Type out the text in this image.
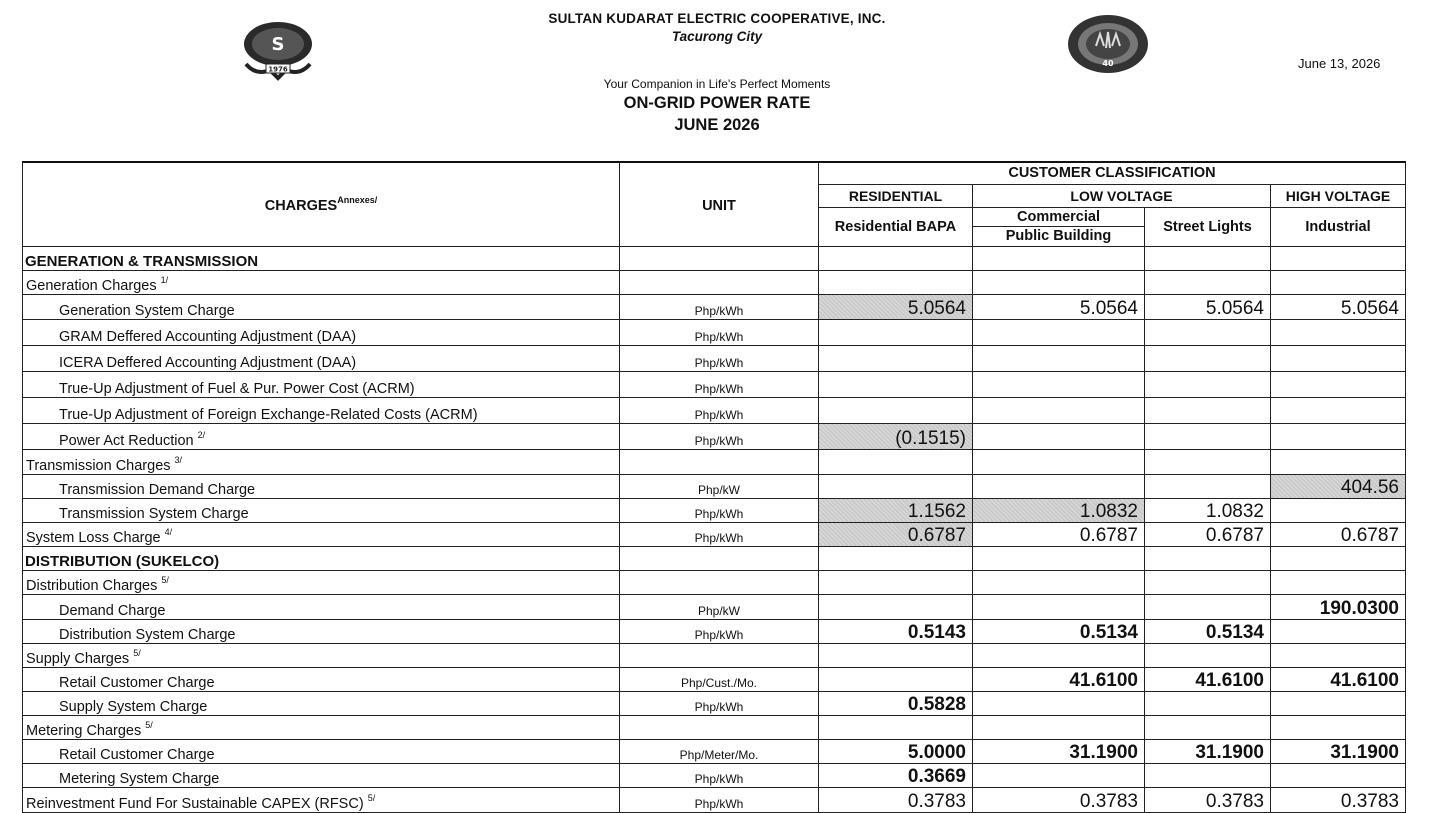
S
1976
40
SULTAN KUDARAT ELECTRIC COOPERATIVE, INC.
Tacurong City
Your Companion in Life's Perfect Moments
ON-GRID POWER RATE
JUNE 2026
June 13, 2026
$CHARGES^{Annexes/}$	UNIT	CUSTOMER CLASSIFICATION			
		RESIDENTIAL	LOW VOLTAGE		HIGH VOLTAGE
		Residential BAPA	Commercial	Street Lights	Industrial
			Public Building		
GENERATION & TRANSMISSION					
Generation Charges $^{1/}$					
Generation System Charge	Php/kWh	5.0564	5.0564	5.0564	5.0564
GRAM Deffered Accounting Adjustment (DAA)	Php/kWh				
ICERA Deffered Accounting Adjustment (DAA)	Php/kWh				
True-Up Adjustment of Fuel & Pur. Power Cost (ACRM)	Php/kWh				
True-Up Adjustment of Foreign Exchange-Related Costs (ACRM)	Php/kWh				
Power Act Reduction $^{2/}$	Php/kWh	(0.1515)			
Transmission Charges $^{3/}$					
Transmission Demand Charge	Php/kW				404.56
Transmission System Charge	Php/kWh	1.1562	1.0832	1.0832	
System Loss Charge $^{4/}$	Php/kWh	0.6787	0.6787	0.6787	0.6787
DISTRIBUTION (SUKELCO)					
Distribution Charges $^{5/}$					
Demand Charge	Php/kW				190.0300
Distribution System Charge	Php/kWh	0.5143	0.5134	0.5134	
Supply Charges $^{5/}$					
Retail Customer Charge	Php/Cust./Mo.		41.6100	41.6100	41.6100
Supply System Charge	Php/kWh	0.5828			
Metering Charges $^{5/}$					
Retail Customer Charge	Php/Meter/Mo.	5.0000	31.1900	31.1900	31.1900
Metering System Charge	Php/kWh	0.3669			
Reinvestment Fund For Sustainable CAPEX (RFSC) $^{5/}$	Php/kWh	0.3783	0.3783	0.3783	0.3783
